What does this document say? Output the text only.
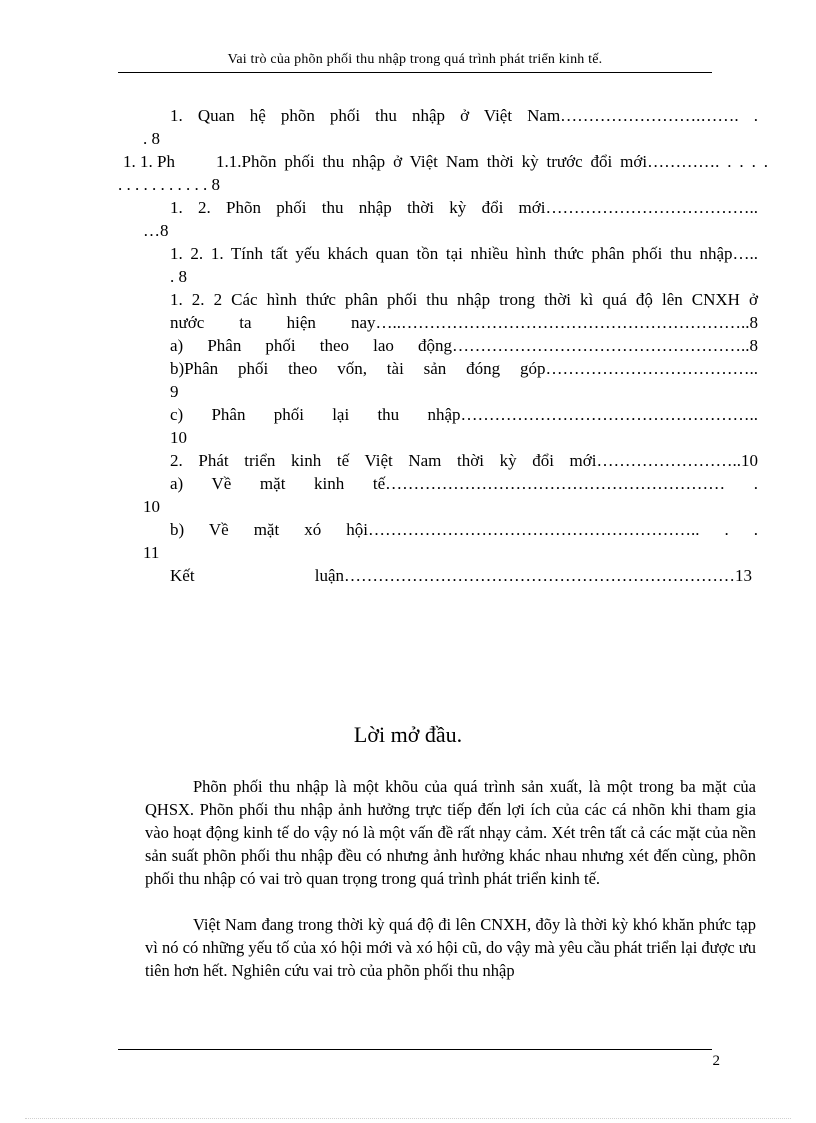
Vai trò của phõn phối thu nhập trong quá trình phát triển kinh tế.
1. Quan hệ phõn phối thu nhập ở Việt Nam…………………….……. .
. 8
1. 1. Ph 1.1.Phõn phối thu nhập ở Việt Nam thời kỳ trước đổi mới…………. . . . .
. . . . . . . . . . . 8
1. 2. Phõn phối thu nhập thời kỳ đổi mới………………………………..
…8
1. 2. 1. Tính tất yếu khách quan tồn tại nhiều hình thức phân phối thu nhập…..
. 8
1. 2. 2 Các hình thức phân phối thu nhập trong thời kì quá độ lên CNXH ở
nước ta hiện nay…..……………………………………………………..8
a) Phân phối theo lao động……………………………………………..8
b)Phân phối theo vốn, tài sản đóng góp………………………………..
9
c) Phân phối lại thu nhập……………………………………………..
10
2. Phát triển kinh tế Việt Nam thời kỳ đổi mới……………………..10
a) Về mặt kinh tế…………………………………………………… .
10
b) Về mặt xó hội………………………………………………….. . .
11
Kết luận……………………………………………………………13
Lời mở đầu.
Phõn phối thu nhập là một khõu của quá trình sản xuất, là một trong ba mặt của QHSX. Phõn phối thu nhập ảnh hưởng trực tiếp đến lợi ích của các cá nhõn khi tham gia vào hoạt động kinh tế do vậy nó là một vấn đề rất nhạy cảm. Xét trên tất cả các mặt của nền sản suất phõn phối thu nhập đều có nhưng ảnh hưởng khác nhau nhưng xét đến cùng, phõn phối thu nhập có vai trò quan trọng trong quá trình phát triển kinh tế.
Việt Nam đang trong thời kỳ quá độ đi lên CNXH, đõy là thời kỳ khó khăn phức tạp vì nó có những yếu tố của xó hội mới và xó hội cũ, do vậy mà yêu cầu phát triển lại được ưu tiên hơn hết. Nghiên cứu vai trò của phõn phối thu nhập
2
